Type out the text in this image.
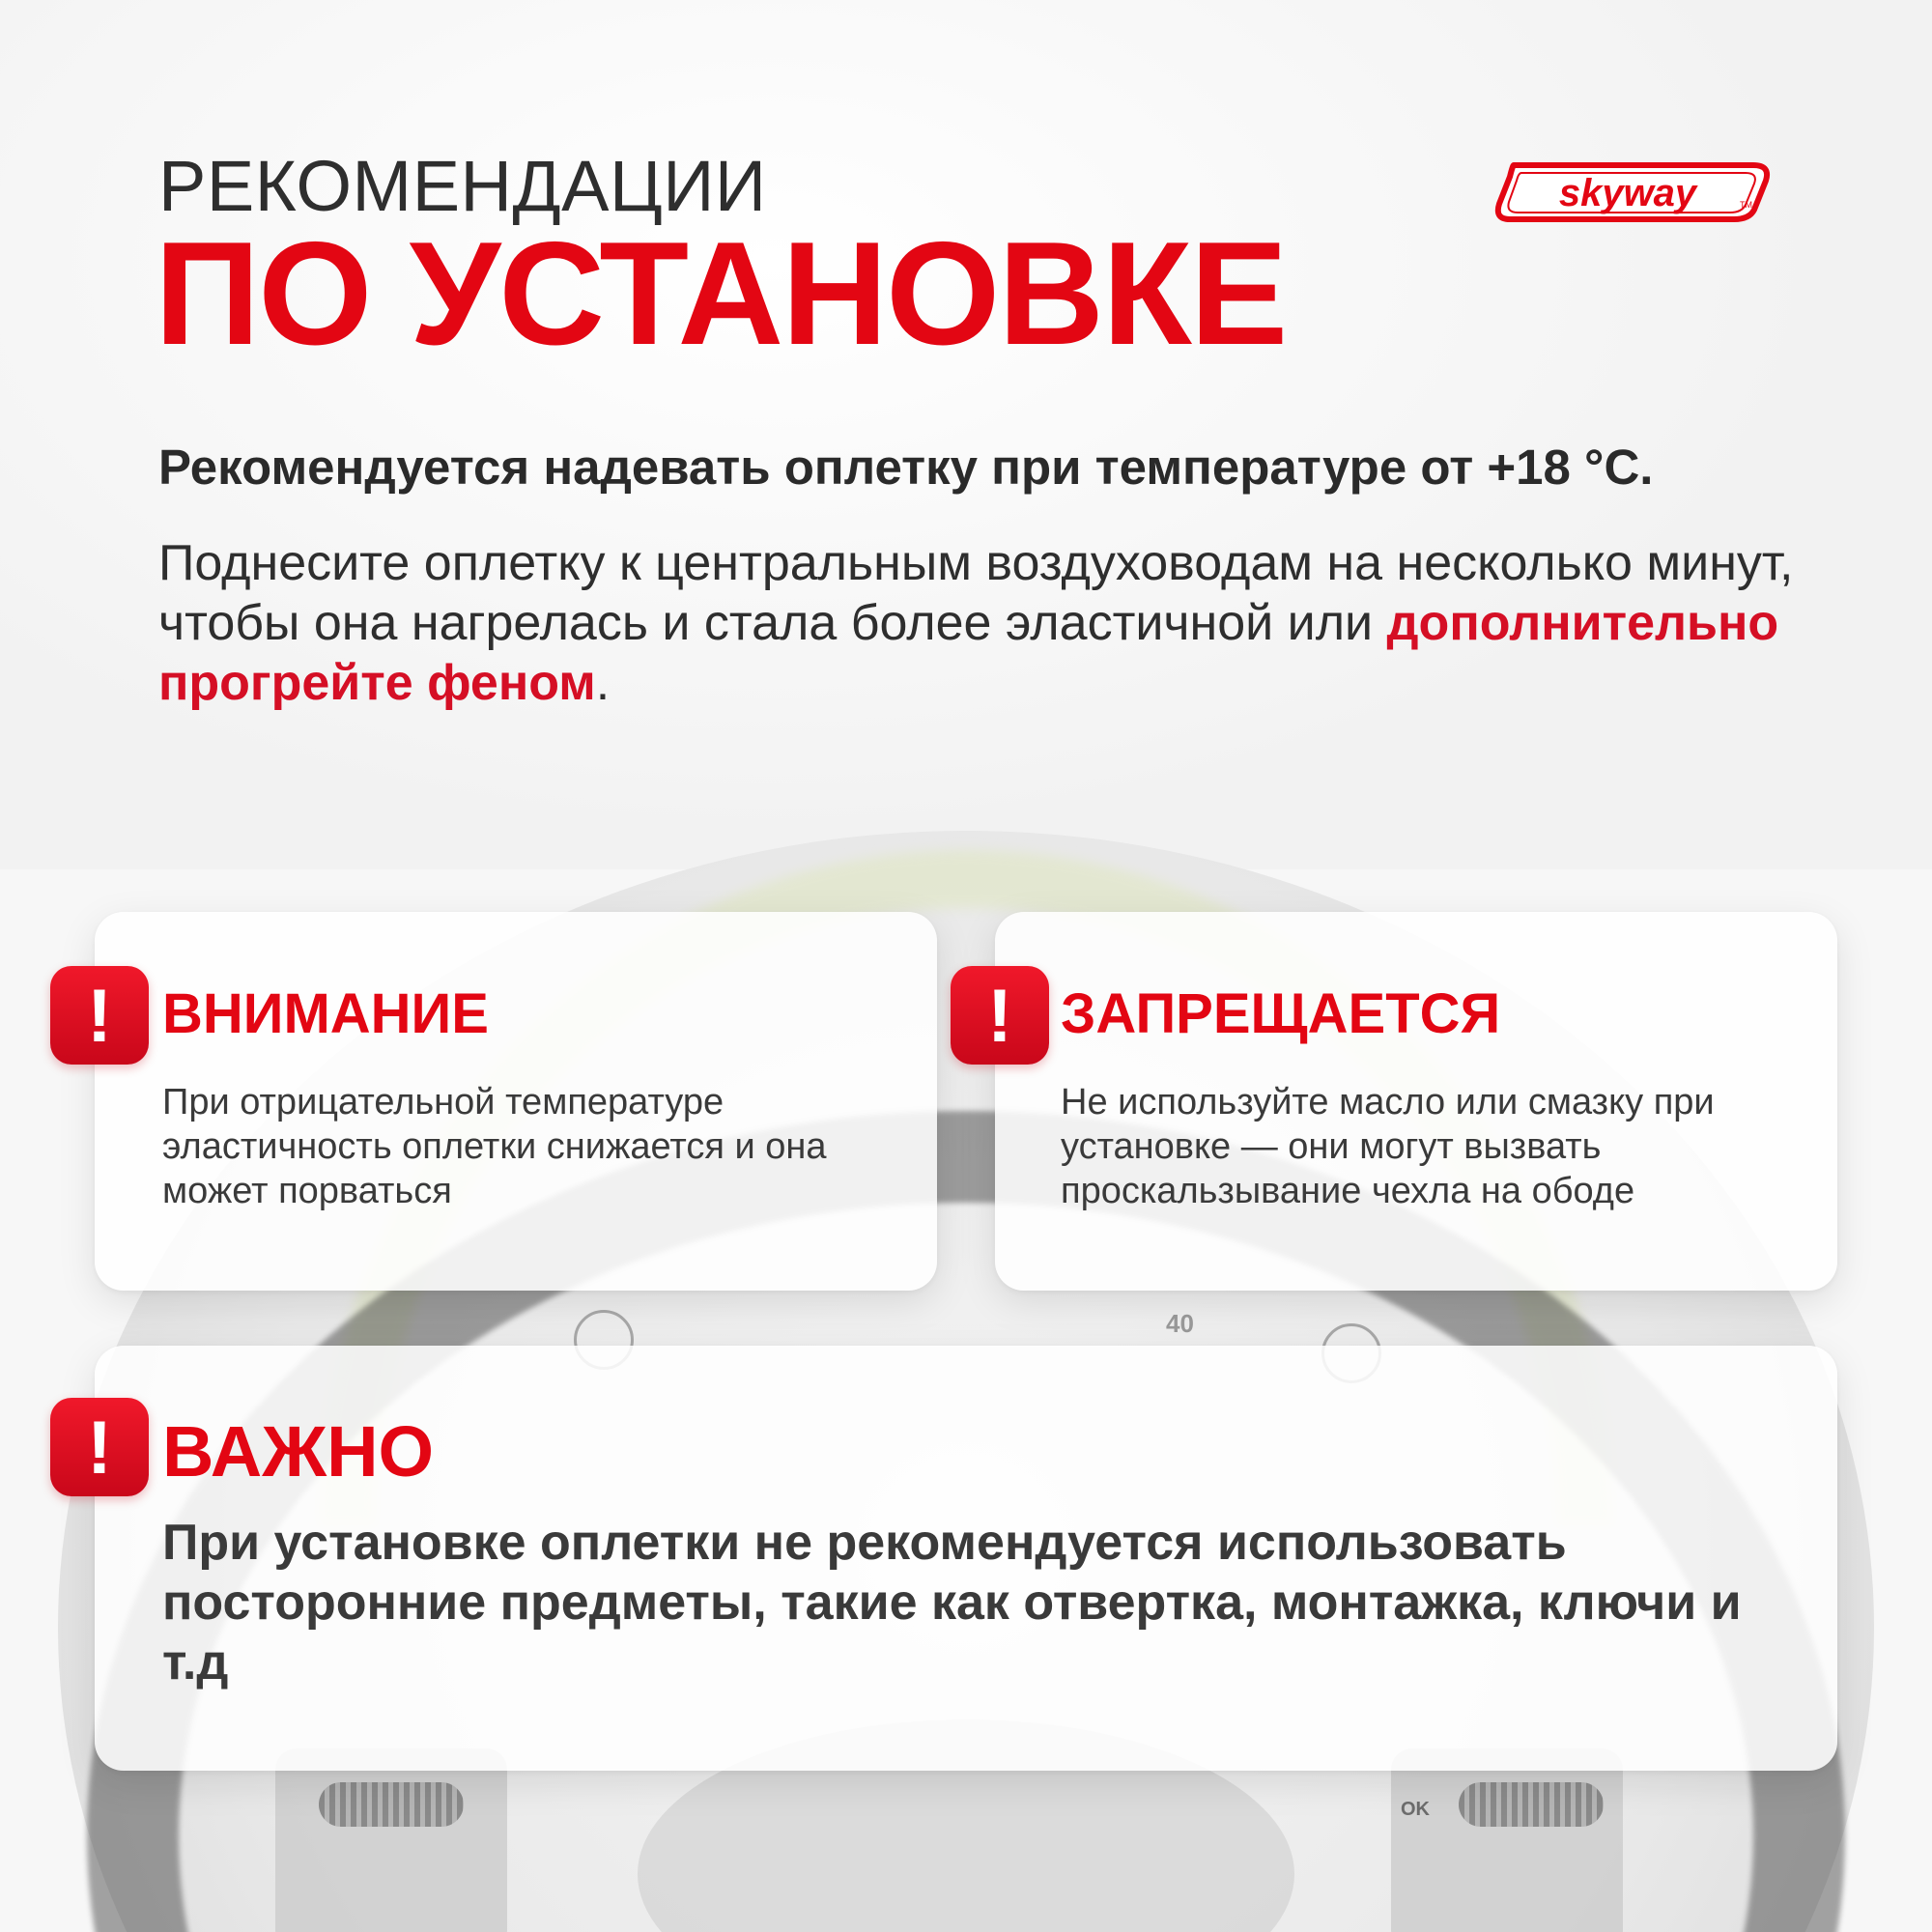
2	40	200
OK
РЕКОМЕНДАЦИИ
ПО УСТАНОВКЕ
skyway	TM
Рекомендуется надевать оплетку при температуре от +18 °C.
Поднесите оплетку к центральным воздуховодам на несколько минут, чтобы она нагрелась и стала более эластичной или дополнительно прогрейте феном.
! ВНИМАНИЕ
При отрицательной температуре эластичность оплетки снижается и она может порваться
! ЗАПРЕЩАЕТСЯ
Не используйте масло или смазку при установке — они могут вызвать проскальзывание чехла на ободе
! ВАЖНО
При установке оплетки не рекомендуется использовать посторонние предметы, такие как отвертка, монтажка, ключи и т.д
